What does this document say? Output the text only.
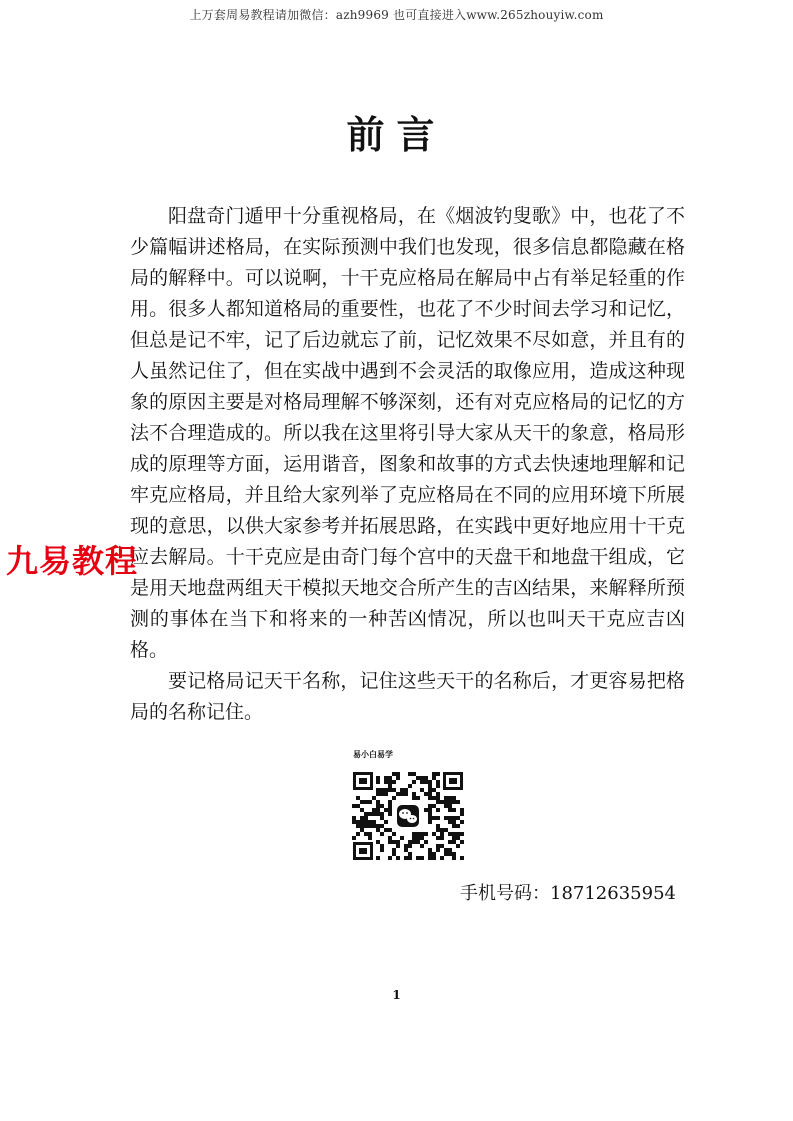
上万套周易教程请加微信：azh9969 也可直接进入www.265zhouyiw.com
前言

阳盘奇门遁甲十分重视格局，在《烟波钓叟歌》中，也花了不少篇幅讲述格局，在实际预测中我们也发现，很多信息都隐藏在格局的解释中。可以说啊，十干克应格局在解局中占有举足轻重的作用。很多人都知道格局的重要性，也花了不少时间去学习和记忆，但总是记不牢，记了后边就忘了前，记忆效果不尽如意，并且有的人虽然记住了，但在实战中遇到不会灵活的取像应用，造成这种现象的原因主要是对格局理解不够深刻，还有对克应格局的记忆的方法不合理造成的。所以我在这里将引导大家从天干的象意，格局形成的原理等方面，运用谐音，图象和故事的方式去快速地理解和记牢克应格局，并且给大家列举了克应格局在不同的应用环境下所展现的意思，以供大家参考并拓展思路，在实践中更好地应用十干克应去解局。十干克应是由奇门每个宫中的天盘干和地盘干组成，它是用天地盘两组天干模拟天地交合所产生的吉凶结果，来解释所预测的事体在当下和将来的一种苦凶情况，所以也叫天干克应吉凶格。

要记格局记天干名称，记住这些天干的名称后，才更容易把格局的名称记住。

九易教程
易小白易学
手机号码：18712635954
1
